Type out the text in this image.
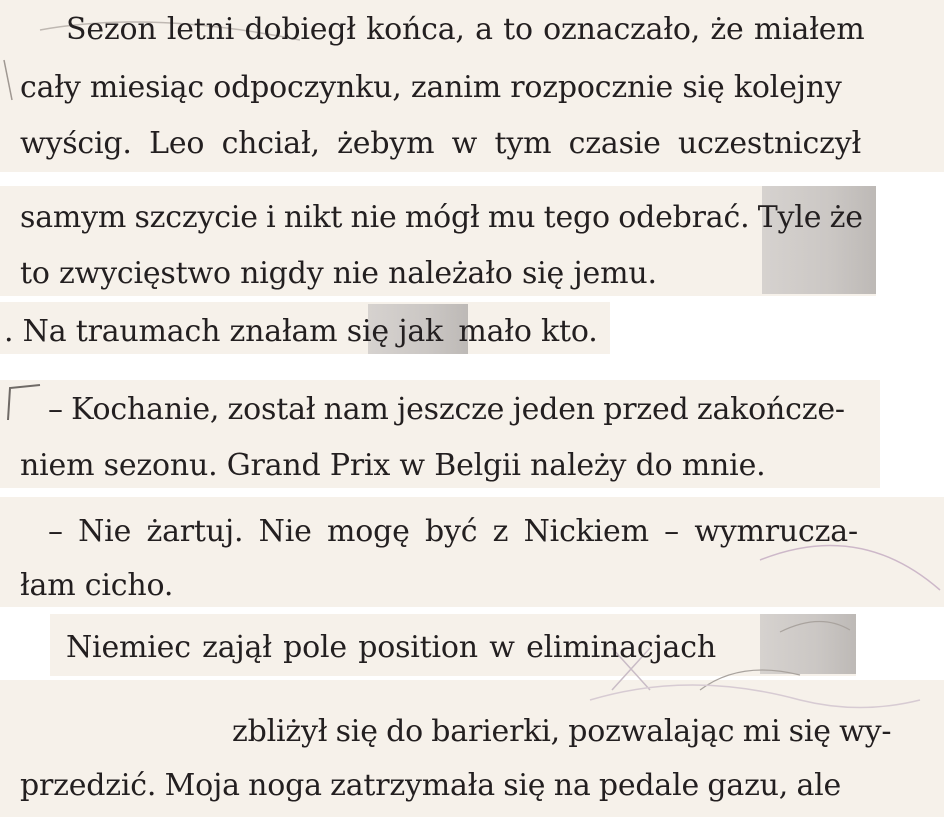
Sezon letni dobiegł końca, a to oznaczało, że miałem
cały miesiąc odpoczynku, zanim rozpocznie się kolejny
wyścig. Leo chciał, żebym w tym czasie uczestniczył
samym szczycie i nikt nie mógł mu tego odebrać. Tyle że
to zwycięstwo nigdy nie należało się jemu.
. Na traumach znałam się jak mało kto.
– Kochanie, został nam jeszcze jeden przed zakończe-
niem sezonu. Grand Prix w Belgii należy do mnie.
– Nie żartuj. Nie mogę być z Nickiem – wymrucza-
łam cicho.
Niemiec zajął pole position w eliminacjach
zbliżył się do barierki, pozwalając mi się wy-
przedzić. Moja noga zatrzymała się na pedale gazu, ale
